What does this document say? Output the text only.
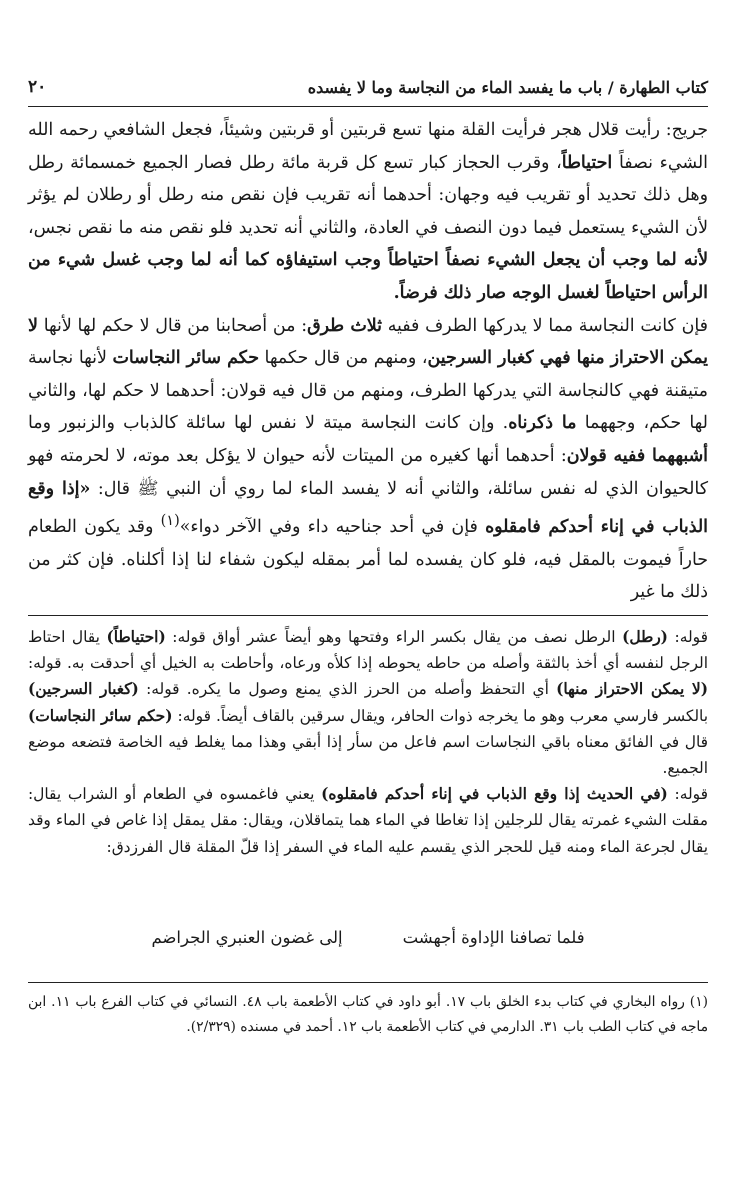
كتاب الطهارة / باب ما يفسد الماء من النجاسة وما لا يفسده
٢٠

جريج: رأيت قلال هجر فرأيت القلة منها تسع قربتين أو قربتين وشيئاً، فجعل الشافعي رحمه الله الشيء نصفاً احتياطاً، وقرب الحجاز كبار تسع كل قربة مائة رطل فصار الجميع خمسمائة رطل وهل ذلك تحديد أو تقريب فيه وجهان: أحدهما أنه تقريب فإن نقص منه رطل أو رطلان لم يؤثر لأن الشيء يستعمل فيما دون النصف في العادة، والثاني أنه تحديد فلو نقص منه ما نقص نجس، لأنه لما وجب أن يجعل الشيء نصفاً احتياطاً وجب استيفاؤه كما أنه لما وجب غسل شيء من الرأس احتياطاً لغسل الوجه صار ذلك فرضاً.

فإن كانت النجاسة مما لا يدركها الطرف ففيه ثلاث طرق: من أصحابنا من قال لا حكم لها لأنها لا يمكن الاحتراز منها فهي كغبار السرجين، ومنهم من قال حكمها حكم سائر النجاسات لأنها نجاسة متيقنة فهي كالنجاسة التي يدركها الطرف، ومنهم من قال فيه قولان: أحدهما لا حكم لها، والثاني لها حكم، وجههما ما ذكرناه. وإن كانت النجاسة ميتة لا نفس لها سائلة كالذباب والزنبور وما أشبههما ففيه قولان: أحدهما أنها كغيره من الميتات لأنه حيوان لا يؤكل بعد موته، لا لحرمته فهو كالحيوان الذي له نفس سائلة، والثاني أنه لا يفسد الماء لما روي أن النبي ﷺ قال: «إذا وقع الذباب في إناء أحدكم فامقلوه فإن في أحد جناحيه داء وفي الآخر دواء»$^{(١)}$ وقد يكون الطعام حاراً فيموت بالمقل فيه، فلو كان يفسده لما أمر بمقله ليكون شفاء لنا إذا أكلناه. فإن كثر من ذلك ما غير

قوله: (رطل) الرطل نصف من يقال بكسر الراء وفتحها وهو أيضاً عشر أواق قوله: (احتياطاً) يقال احتاط الرجل لنفسه أي أخذ بالثقة وأصله من حاطه يحوطه إذا كلأه ورعاه، وأحاطت به الخيل أي أحدقت به. قوله: (لا يمكن الاحتراز منها) أي التحفظ وأصله من الحرز الذي يمنع وصول ما يكره. قوله: (كغبار السرجين) بالكسر فارسي معرب وهو ما يخرجه ذوات الحافر، ويقال سرقين بالقاف أيضاً. قوله: (حكم سائر النجاسات) قال في الفائق معناه باقي النجاسات اسم فاعل من سأر إذا أبقي وهذا مما يغلط فيه الخاصة فتضعه موضع الجميع.

قوله: (في الحديث إذا وقع الذباب في إناء أحدكم فامقلوه) يعني فاغمسوه في الطعام أو الشراب يقال: مقلت الشيء غمرته يقال للرجلين إذا تغاطا في الماء هما يتماقلان، ويقال: مقل يمقل إذا غاص في الماء وقد يقال لجرعة الماء ومنه قيل للحجر الذي يقسم عليه الماء في السفر إذا قلّ المقلة قال الفرزدق:

فلما تصافنا الإداوة أجهشت
إلى غضون العنبري الجراضم

(١) رواه البخاري في كتاب بدء الخلق باب ١٧. أبو داود في كتاب الأطعمة باب ٤٨. النسائي في كتاب الفرع باب ١١. ابن ماجه في كتاب الطب باب ٣١. الدارمي في كتاب الأطعمة باب ١٢. أحمد في مسنده (٢/٣٢٩).
